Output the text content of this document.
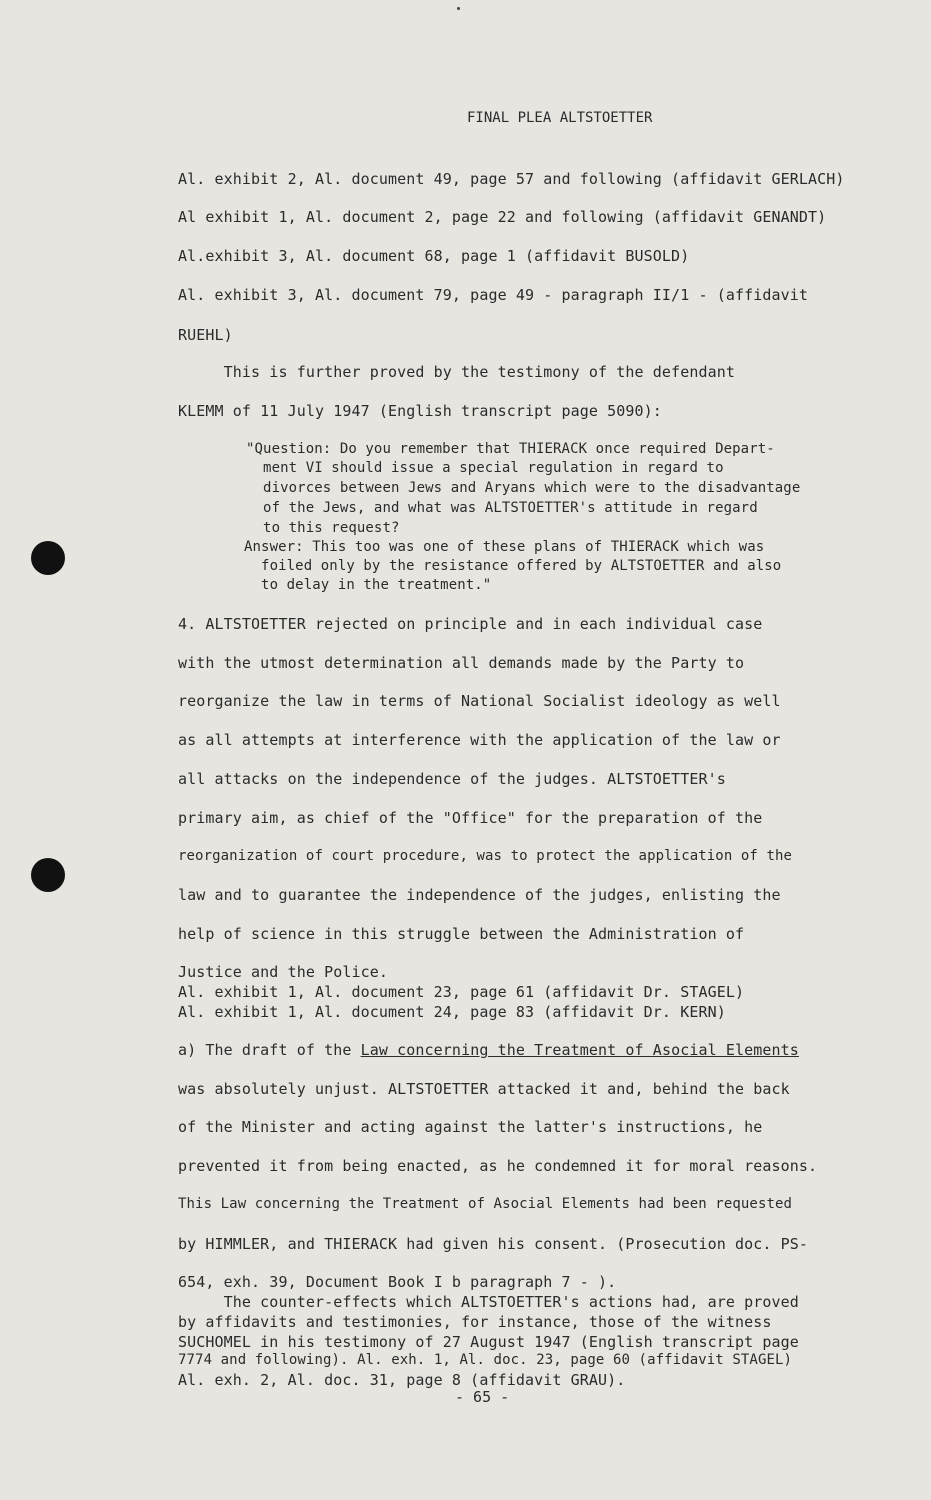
FINAL PLEA ALTSTOETTER
Al. exhibit 2, Al. document 49, page 57 and following (affidavit GERLACH)
Al exhibit 1, Al. document 2, page 22 and following (affidavit GENANDT)
Al.exhibit 3, Al. document 68, page 1 (affidavit BUSOLD)
Al. exhibit 3, Al. document 79, page 49 - paragraph II/1 - (affidavit
RUEHL)
This is further proved by the testimony of the defendant
KLEMM of 11 July 1947 (English transcript page 5090):
"Question: Do you remember that THIERACK once required Depart-
ment VI should issue a special regulation in regard to
divorces between Jews and Aryans which were to the disadvantage
of the Jews, and what was ALTSTOETTER's attitude in regard
to this request?
Answer: This too was one of these plans of THIERACK which was
foiled only by the resistance offered by ALTSTOETTER and also
to delay in the treatment."
4. ALTSTOETTER rejected on principle and in each individual case
with the utmost determination all demands made by the Party to
reorganize the law in terms of National Socialist ideology as well
as all attempts at interference with the application of the law or
all attacks on the independence of the judges. ALTSTOETTER's
primary aim, as chief of the "Office" for the preparation of the
reorganization of court procedure, was to protect the application of the
law and to guarantee the independence of the judges, enlisting the
help of science in this struggle between the Administration of
Justice and the Police.
Al. exhibit 1, Al. document 23, page 61 (affidavit Dr. STAGEL)
Al. exhibit 1, Al. document 24, page 83 (affidavit Dr. KERN)
a) The draft of the Law concerning the Treatment of Asocial Elements
was absolutely unjust. ALTSTOETTER attacked it and, behind the back
of the Minister and acting against the latter's instructions, he
prevented it from being enacted, as he condemned it for moral reasons.
This Law concerning the Treatment of Asocial Elements had been requested
by HIMMLER, and THIERACK had given his consent. (Prosecution doc. PS-
654, exh. 39, Document Book I b paragraph 7 - ).
The counter-effects which ALTSTOETTER's actions had, are proved
by affidavits and testimonies, for instance, those of the witness
SUCHOMEL in his testimony of 27 August 1947 (English transcript page
7774 and following). Al. exh. 1, Al. doc. 23, page 60 (affidavit STAGEL)
Al. exh. 2, Al. doc. 31, page 8 (affidavit GRAU).
- 65 -
